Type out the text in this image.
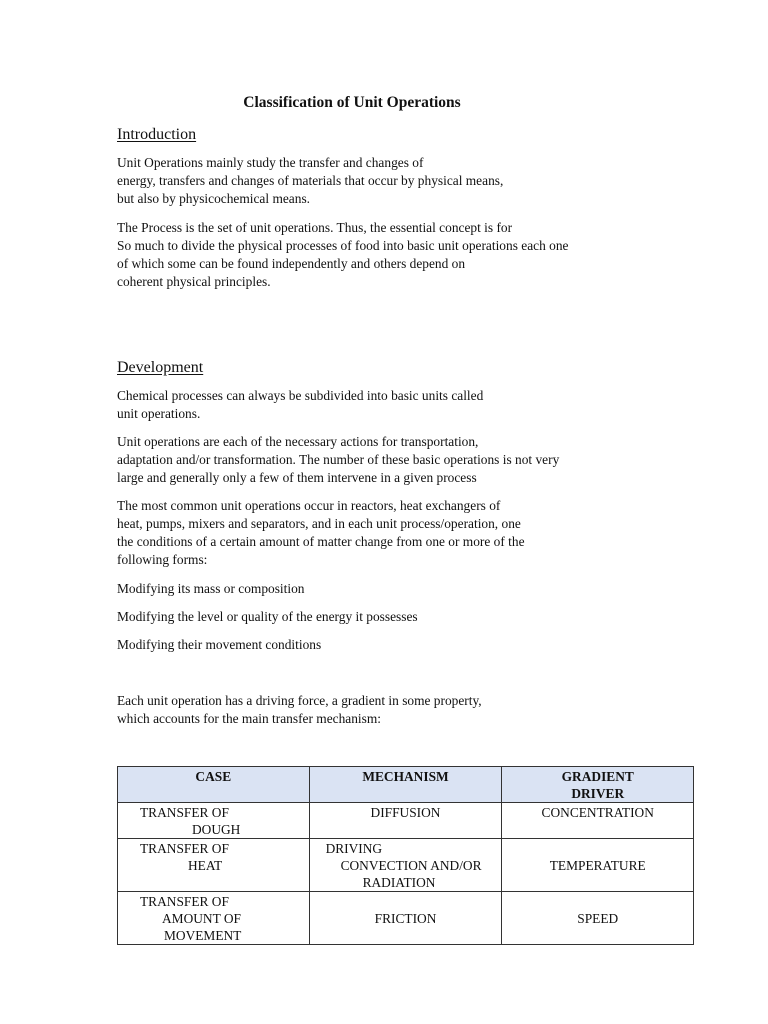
Classification of Unit Operations
Introduction

Unit Operations mainly study the transfer and changes of
energy, transfers and changes of materials that occur by physical means,
but also by physicochemical means.

The Process is the set of unit operations. Thus, the essential concept is for
So much to divide the physical processes of food into basic unit operations each one
of which some can be found independently and others depend on
coherent physical principles.

Development

Chemical processes can always be subdivided into basic units called
unit operations.

Unit operations are each of the necessary actions for transportation,
adaptation and/or transformation. The number of these basic operations is not very
large and generally only a few of them intervene in a given process

The most common unit operations occur in reactors, heat exchangers of
heat, pumps, mixers and separators, and in each unit process/operation, one
the conditions of a certain amount of matter change from one or more of the
following forms:

Modifying its mass or composition

Modifying the level or quality of the energy it possesses

Modifying their movement conditions

Each unit operation has a driving force, a gradient in some property,
which accounts for the main transfer mechanism:

CASE	MECHANISM	GRADIENT
DRIVER

TRANSFER OF
DOUGH	DIFFUSION	CONCENTRATION

TRANSFER OF
HEAT	DRIVING
CONVECTION AND/OR
RADIATION	TEMPERATURE

TRANSFER OF
AMOUNT OF
MOVEMENT	FRICTION	SPEED
